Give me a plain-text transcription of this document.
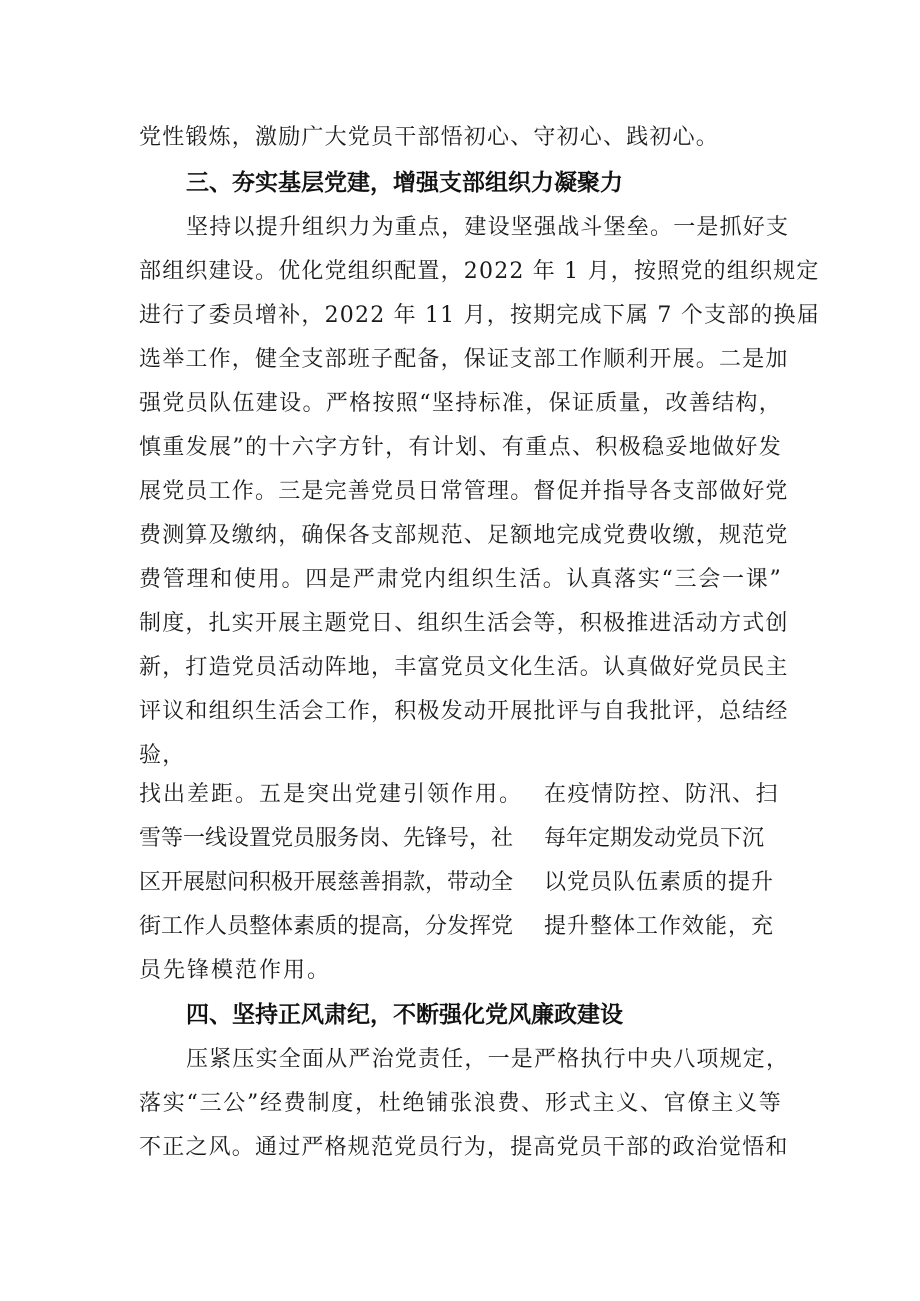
党性锻炼，激励广大党员干部悟初心、守初心、践初心。
三、夯实基层党建，增强支部组织力凝聚力
坚持以提升组织力为重点，建设坚强战斗堡垒。一是抓好支
部组织建设。优化党组织配置，2022 年 1 月，按照党的组织规定
进行了委员增补，2022 年 11 月，按期完成下属 7 个支部的换届
选举工作，健全支部班子配备，保证支部工作顺利开展。二是加
强党员队伍建设。严格按照“坚持标准，保证质量，改善结构，
慎重发展”的十六字方针，有计划、有重点、积极稳妥地做好发
展党员工作。三是完善党员日常管理。督促并指导各支部做好党
费测算及缴纳，确保各支部规范、足额地完成党费收缴，规范党
费管理和使用。四是严肃党内组织生活。认真落实“三会一课”
制度，扎实开展主题党日、组织生活会等，积极推进活动方式创
新，打造党员活动阵地，丰富党员文化生活。认真做好党员民主
评议和组织生活会工作，积极发动开展批评与自我批评，总结经
验，
找出差距。五是突出党建引领作用。
雪等一线设置党员服务岗、先锋号，社
区开展慰问积极开展慈善捐款，带动全
街工作人员整体素质的提高，分发挥党
员先锋模范作用。
在疫情防控、防汛、扫
每年定期发动党员下沉
以党员队伍素质的提升
提升整体工作效能，充
四、坚持正风肃纪，不断强化党风廉政建设
压紧压实全面从严治党责任，一是严格执行中央八项规定，
落实“三公”经费制度，杜绝铺张浪费、形式主义、官僚主义等
不正之风。通过严格规范党员行为，提高党员干部的政治觉悟和
